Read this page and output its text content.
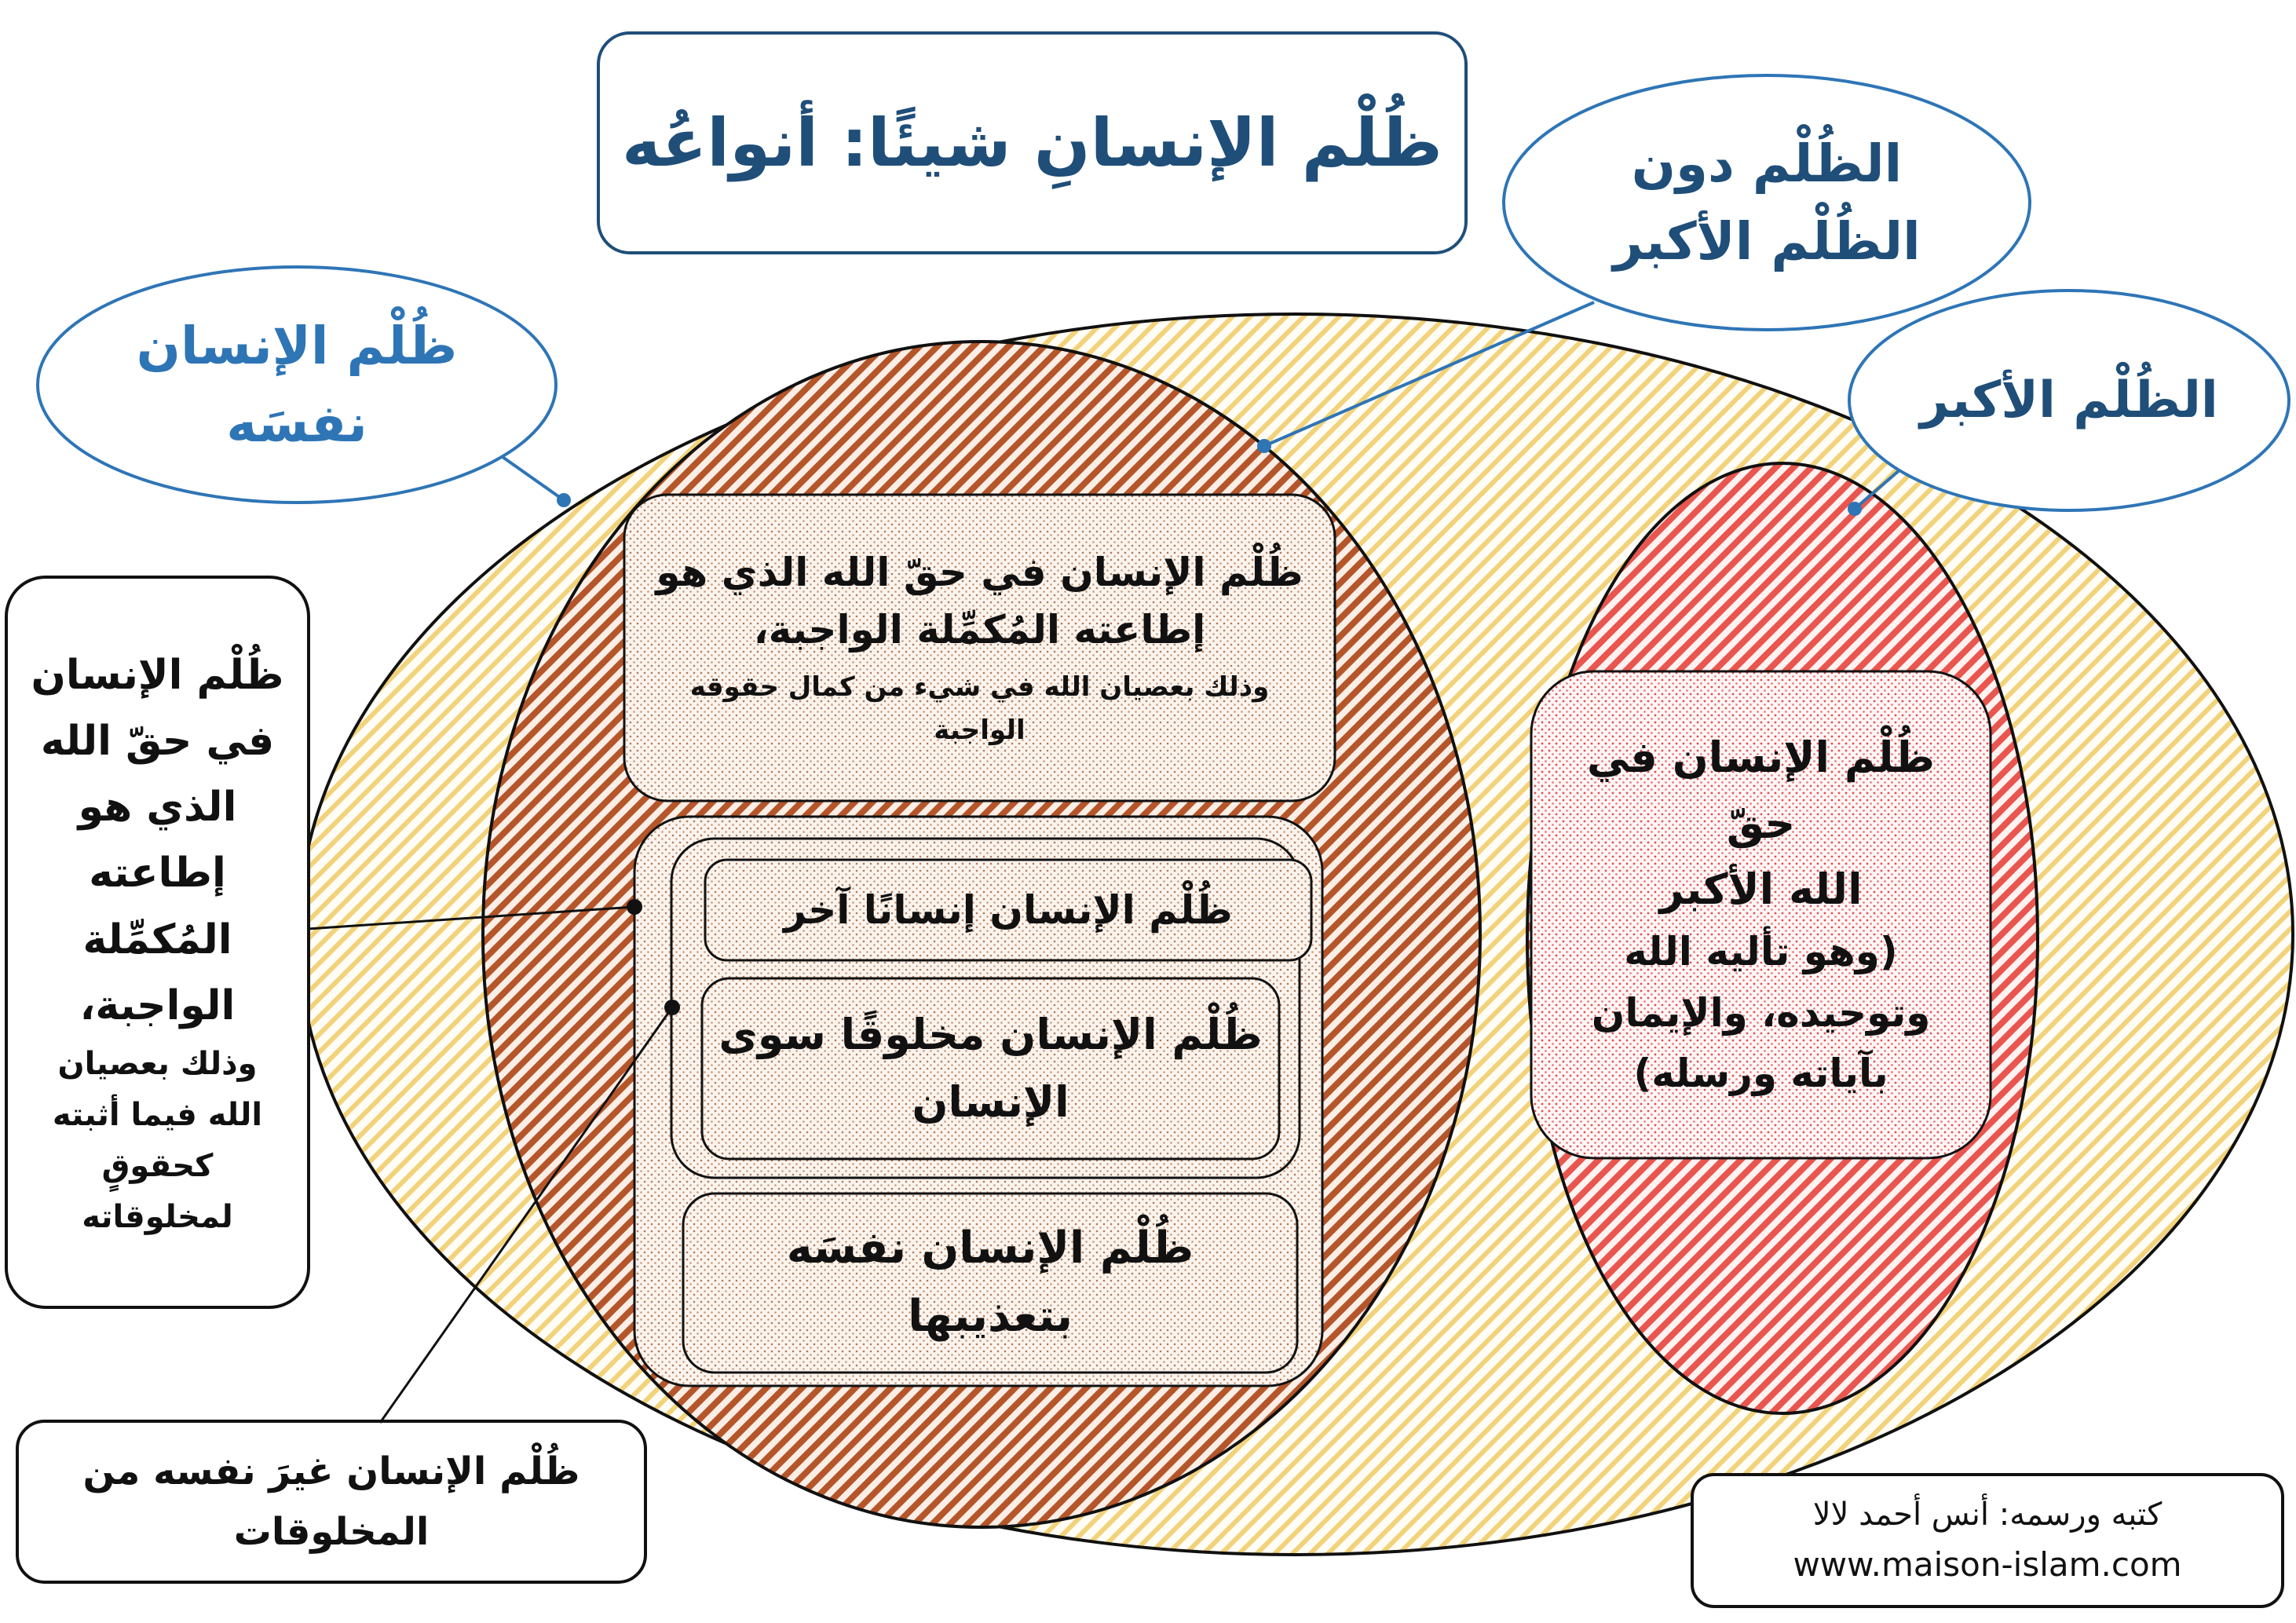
ظُلْم الإنسانِ شيئًا: أنواعُه
ظُلْم الإنسان
نفسَه
الظُلْم دون
الظُلْم الأكبر
الظُلْم الأكبر
ظُلْم الإنسان في حقّ الله الذي هو
إطاعته المُكمِّلة الواجبة،
وذلك بعصيان الله في شيء من كمال حقوقه
الواجبة
ظُلْم الإنسان إنسانًا آخر
ظُلْم الإنسان مخلوقًا سوى
الإنسان
ظُلْم الإنسان نفسَه
بتعذيبها
ظُلْم الإنسان في حقّ
الله الأكبر
(وهو تأليه الله
وتوحيده، والإيمان
بآياته ورسله)
ظُلْم الإنسان
في حقّ الله
الذي هو
إطاعته
المُكمِّلة
الواجبة،
وذلك بعصيان
الله فيما أثبته
كحقوقٍ
لمخلوقاته
ظُلْم الإنسان غيرَ نفسه من
المخلوقات	كتبه ورسمه: أنس أحمد لالا
www.maison-islam.com
